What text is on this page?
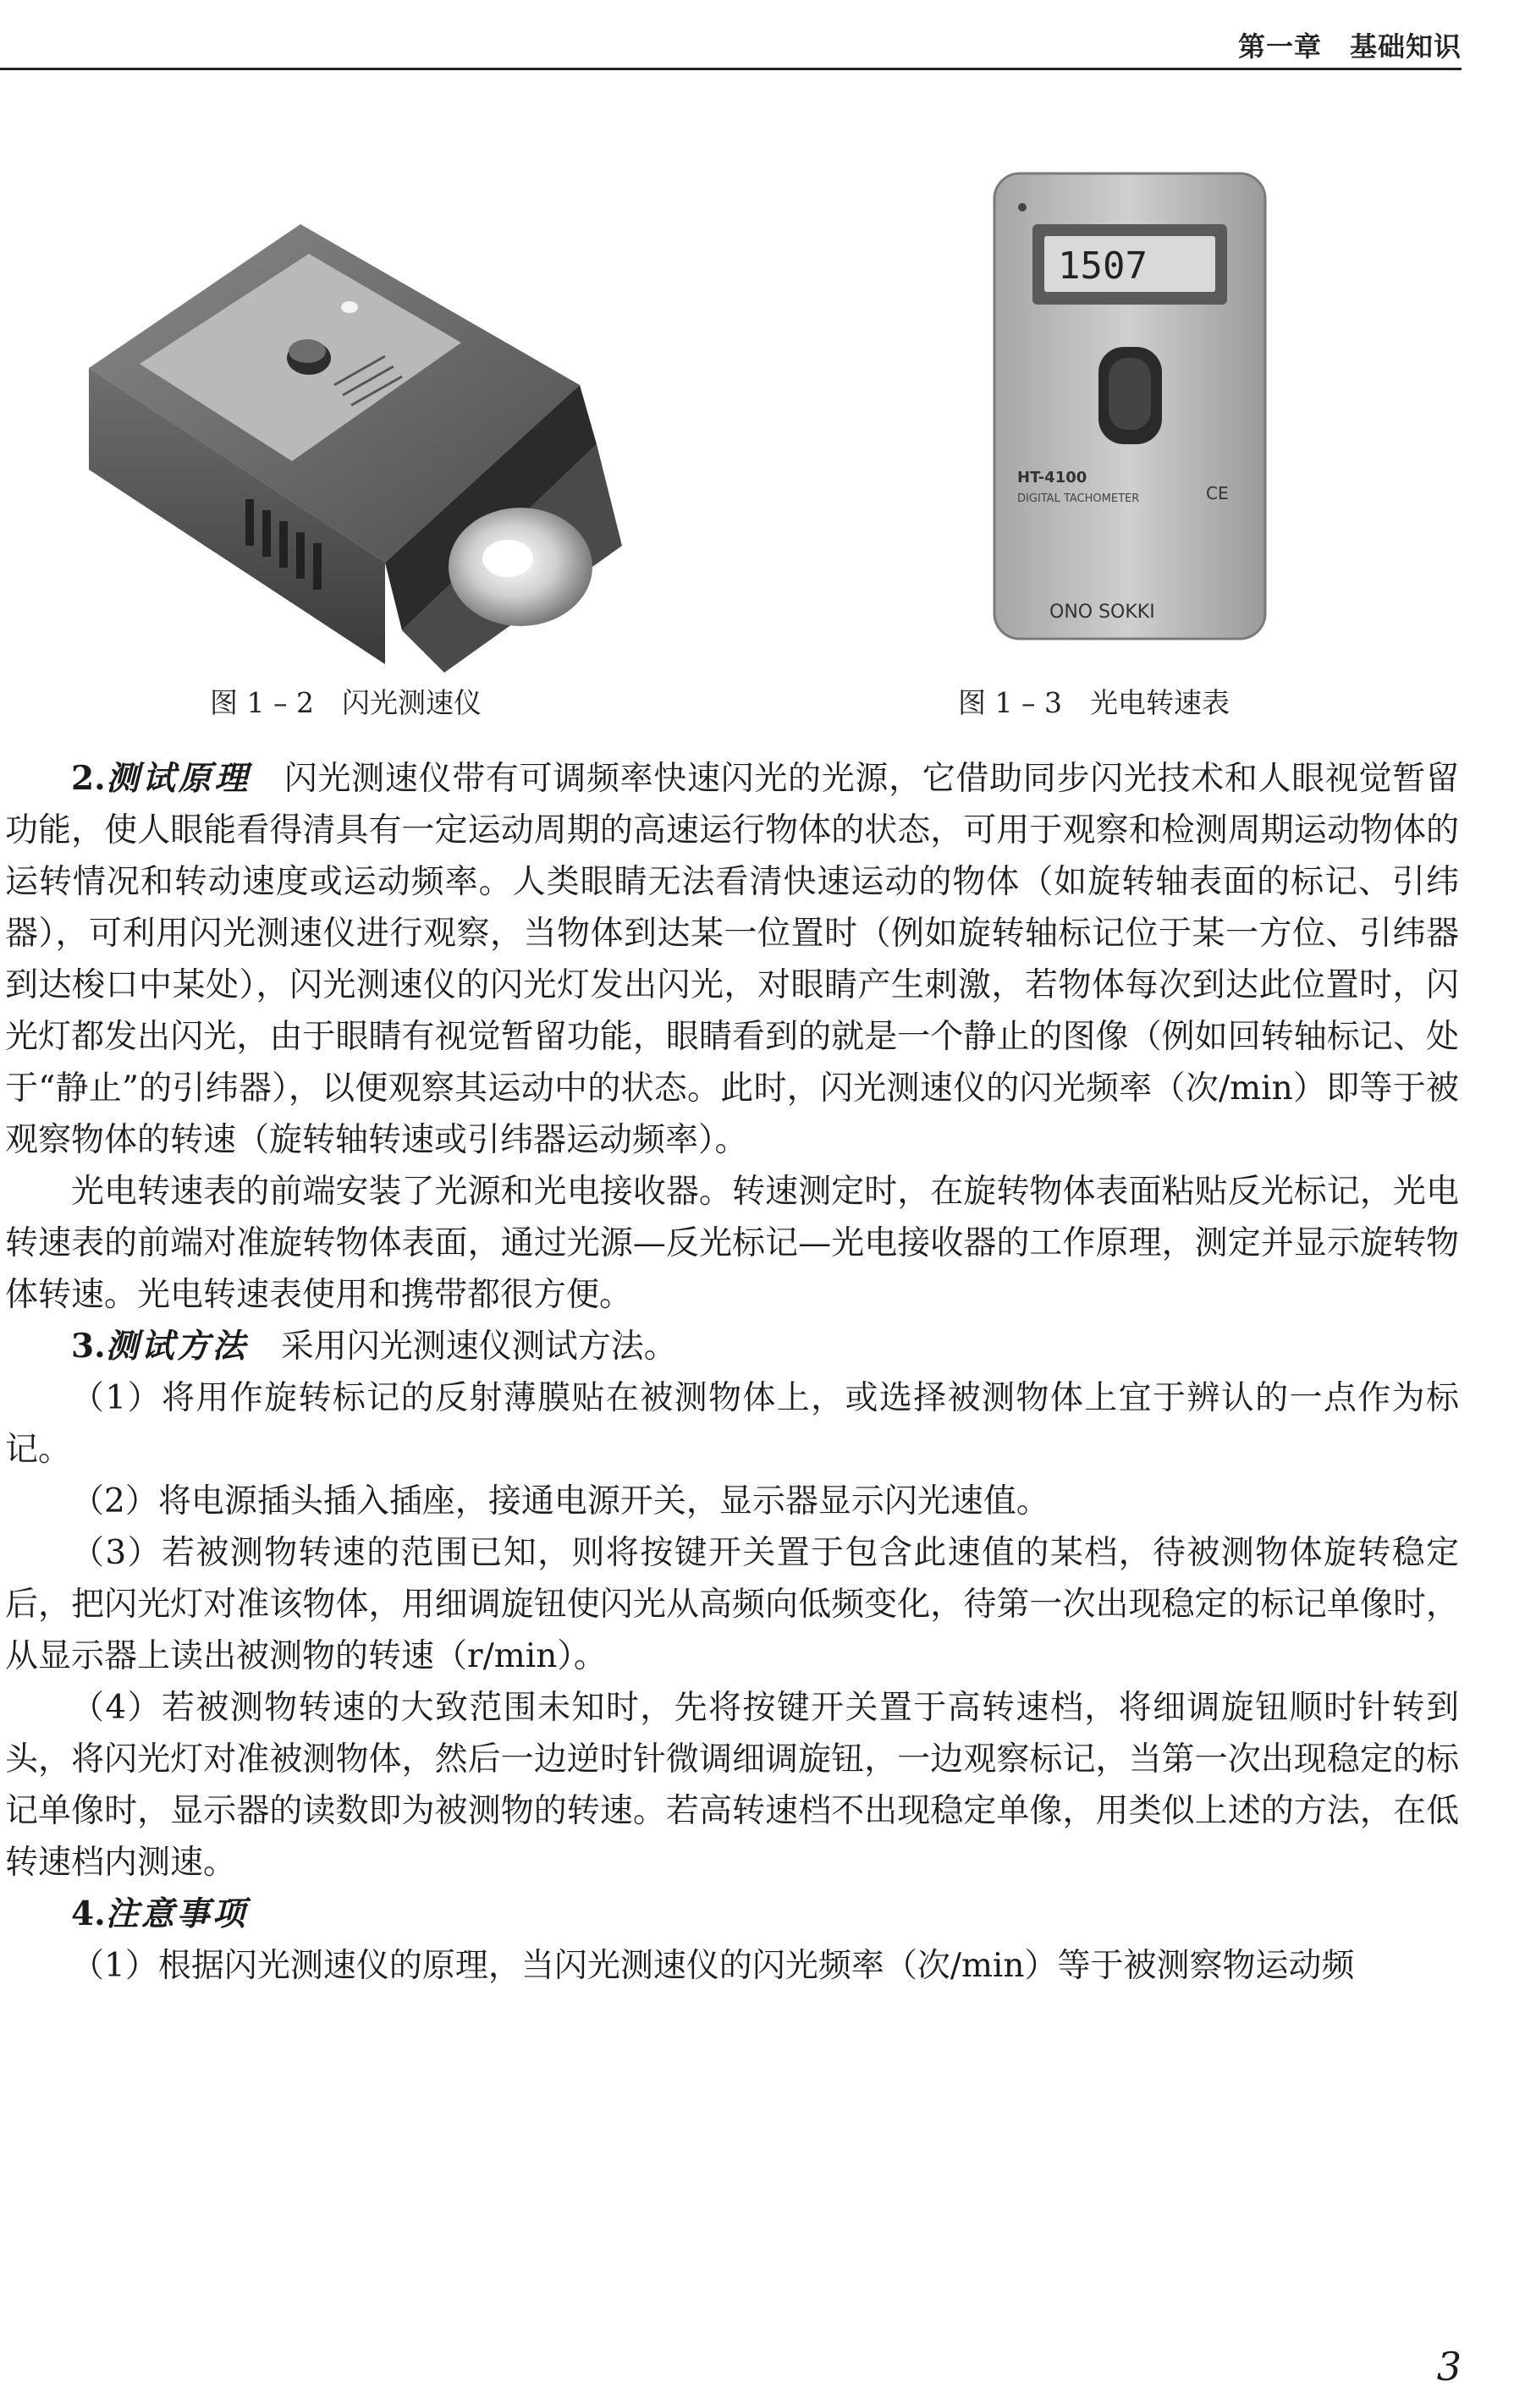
第一章　基础知识
1507
HT-4100
DIGITAL TACHOMETER	CE
ONO SOKKI
图 1 – 2　闪光测速仪	图 1 – 3　光电转速表

2.测试原理　 闪光测速仪带有可调频率快速闪光的光源，它借助同步闪光技术和人眼视觉暂留功能，使人眼能看得清具有一定运动周期的高速运行物体的状态，可用于观察和检测周期运动物体的运转情况和转动速度或运动频率。人类眼睛无法看清快速运动的物体（如旋转轴表面的标记、引纬器），可利用闪光测速仪进行观察，当物体到达某一位置时（例如旋转轴标记位于某一方位、引纬器到达梭口中某处），闪光测速仪的闪光灯发出闪光，对眼睛产生刺激，若物体每次到达此位置时，闪光灯都发出闪光，由于眼睛有视觉暂留功能，眼睛看到的就是一个静止的图像（例如回转轴标记、处于“静止”的引纬器），以便观察其运动中的状态。此时，闪光测速仪的闪光频率（次/min）即等于被观察物体的转速（旋转轴转速或引纬器运动频率）。

光电转速表的前端安装了光源和光电接收器。转速测定时，在旋转物体表面粘贴反光标记，光电转速表的前端对准旋转物体表面，通过光源—反光标记—光电接收器的工作原理，测定并显示旋转物体转速。光电转速表使用和携带都很方便。

3.测试方法　 采用闪光测速仪测试方法。

（1）将用作旋转标记的反射薄膜贴在被测物体上，或选择被测物体上宜于辨认的一点作为标记。

（2）将电源插头插入插座，接通电源开关，显示器显示闪光速值。

（3）若被测物转速的范围已知，则将按键开关置于包含此速值的某档，待被测物体旋转稳定后，把闪光灯对准该物体，用细调旋钮使闪光从高频向低频变化，待第一次出现稳定的标记单像时，从显示器上读出被测物的转速（r/min）。

（4）若被测物转速的大致范围未知时，先将按键开关置于高转速档，将细调旋钮顺时针转到头，将闪光灯对准被测物体，然后一边逆时针微调细调旋钮，一边观察标记，当第一次出现稳定的标记单像时，显示器的读数即为被测物的转速。若高转速档不出现稳定单像，用类似上述的方法，在低转速档内测速。

4.注意事项

（1）根据闪光测速仪的原理，当闪光测速仪的闪光频率（次/min）等于被测察物运动频

3
